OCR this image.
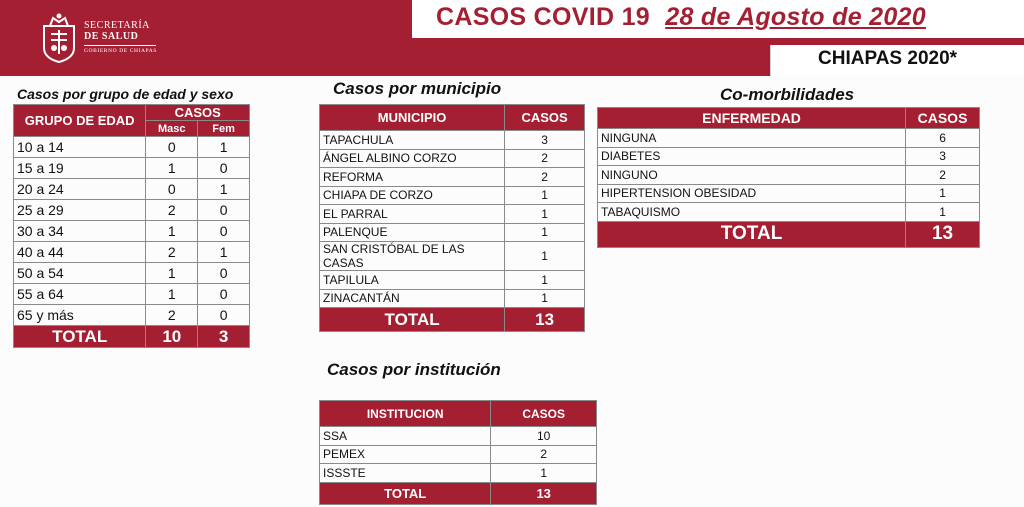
SECRETARÍA
DE SALUD
GOBIERNO DE CHIAPAS
CASOS COVID 19 28 de Agosto de 2020
CHIAPAS 2020*
Casos por grupo de edad y sexo	Casos por municipio	Co-morbilidades
Casos por institución
GRUPO DE EDAD	CASOS	
	Masc	Fem
10 a 14	0	1
15 a 19	1	0
20 a 24	0	1
25 a 29	2	0
30 a 34	1	0
40 a 44	2	1
50 a 54	1	0
55 a 64	1	0
65 y más	2	0
TOTAL	10	3
MUNICIPIO	CASOS
TAPACHULA	3
ÁNGEL ALBINO CORZO	2
REFORMA	2
CHIAPA DE CORZO	1
EL PARRAL	1
PALENQUE	1
SAN CRISTÓBAL DE LAS CASAS	1
TAPILULA	1
ZINACANTÁN	1
TOTAL	13
ENFERMEDAD	CASOS
NINGUNA	6
DIABETES	3
NINGUNO	2
HIPERTENSION OBESIDAD	1
TABAQUISMO	1
TOTAL	13
INSTITUCION	CASOS
SSA	10
PEMEX	2
ISSSTE	1
TOTAL	13
